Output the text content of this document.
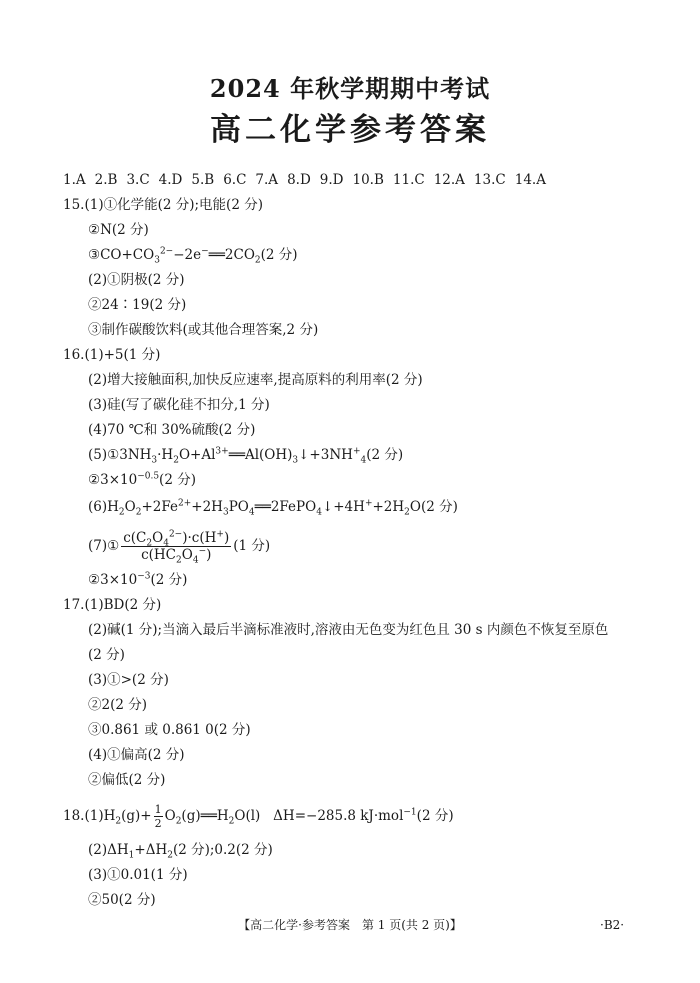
2024 年秋学期期中考试
高二化学参考答案
1.A 2.B 3.C 4.D 5.B 6.C 7.A 8.D 9.D 10.B 11.C 12.A 13.C 14.A
15.(1)①化学能(2 分);电能(2 分)
②N(2 分)
$③CO+CO_3^{2-}-2e^-══2CO_2(2$ 分)
(2)①阴极(2 分)
②24∶19(2 分)
③制作碳酸饮料(或其他合理答案,2 分)
16.(1)+5(1 分)
(2)增大接触面积,加快反应速率,提高原料的利用率(2 分)
(3)硅(写了碳化硅不扣分,1 分)
(4)70 ℃和 30%硫酸(2 分)
$(5)①3NH_3\cdot H_2O+Al^{3+}══Al(OH)_3↓+3NH^+_4(2$ 分)
$②3\times 10^{-0.5}(2$ 分)
$(6)H_2O_2+2Fe^{2+}+2H_3PO_4══2FePO_4↓+4H^++2H_2O(2$ 分)
(7)① $\frac{c(C_2O_4^{2-})\cdot c(H^+)}{c(HC_2O_4^-)} (1$ 分)
$②3\times 10^{-3}(2$ 分)
17.(1)BD(2 分)
(2)碱(1 分);当滴入最后半滴标准液时,溶液由无色变为红色且 30 s 内颜色不恢复至原色
(2 分)
(3)①>(2 分)
②2(2 分)
③0.861 或 0.861 0(2 分)
(4)①偏高(2 分)
②偏低(2 分)
$18.(1)H_2(g)+ \frac{1}{2}$ $O_2(g)══H_2O(l)$   ΔH=−285.8 kJ·mol$^{-1}$(2 分)
$(2)\Delta H_1+\Delta H_2(2$ 分);0.2(2 分)
(3)①0.01(1 分)
②50(2 分)
【高二化学·参考答案　第 1 页(共 2 页)】	·B2·
